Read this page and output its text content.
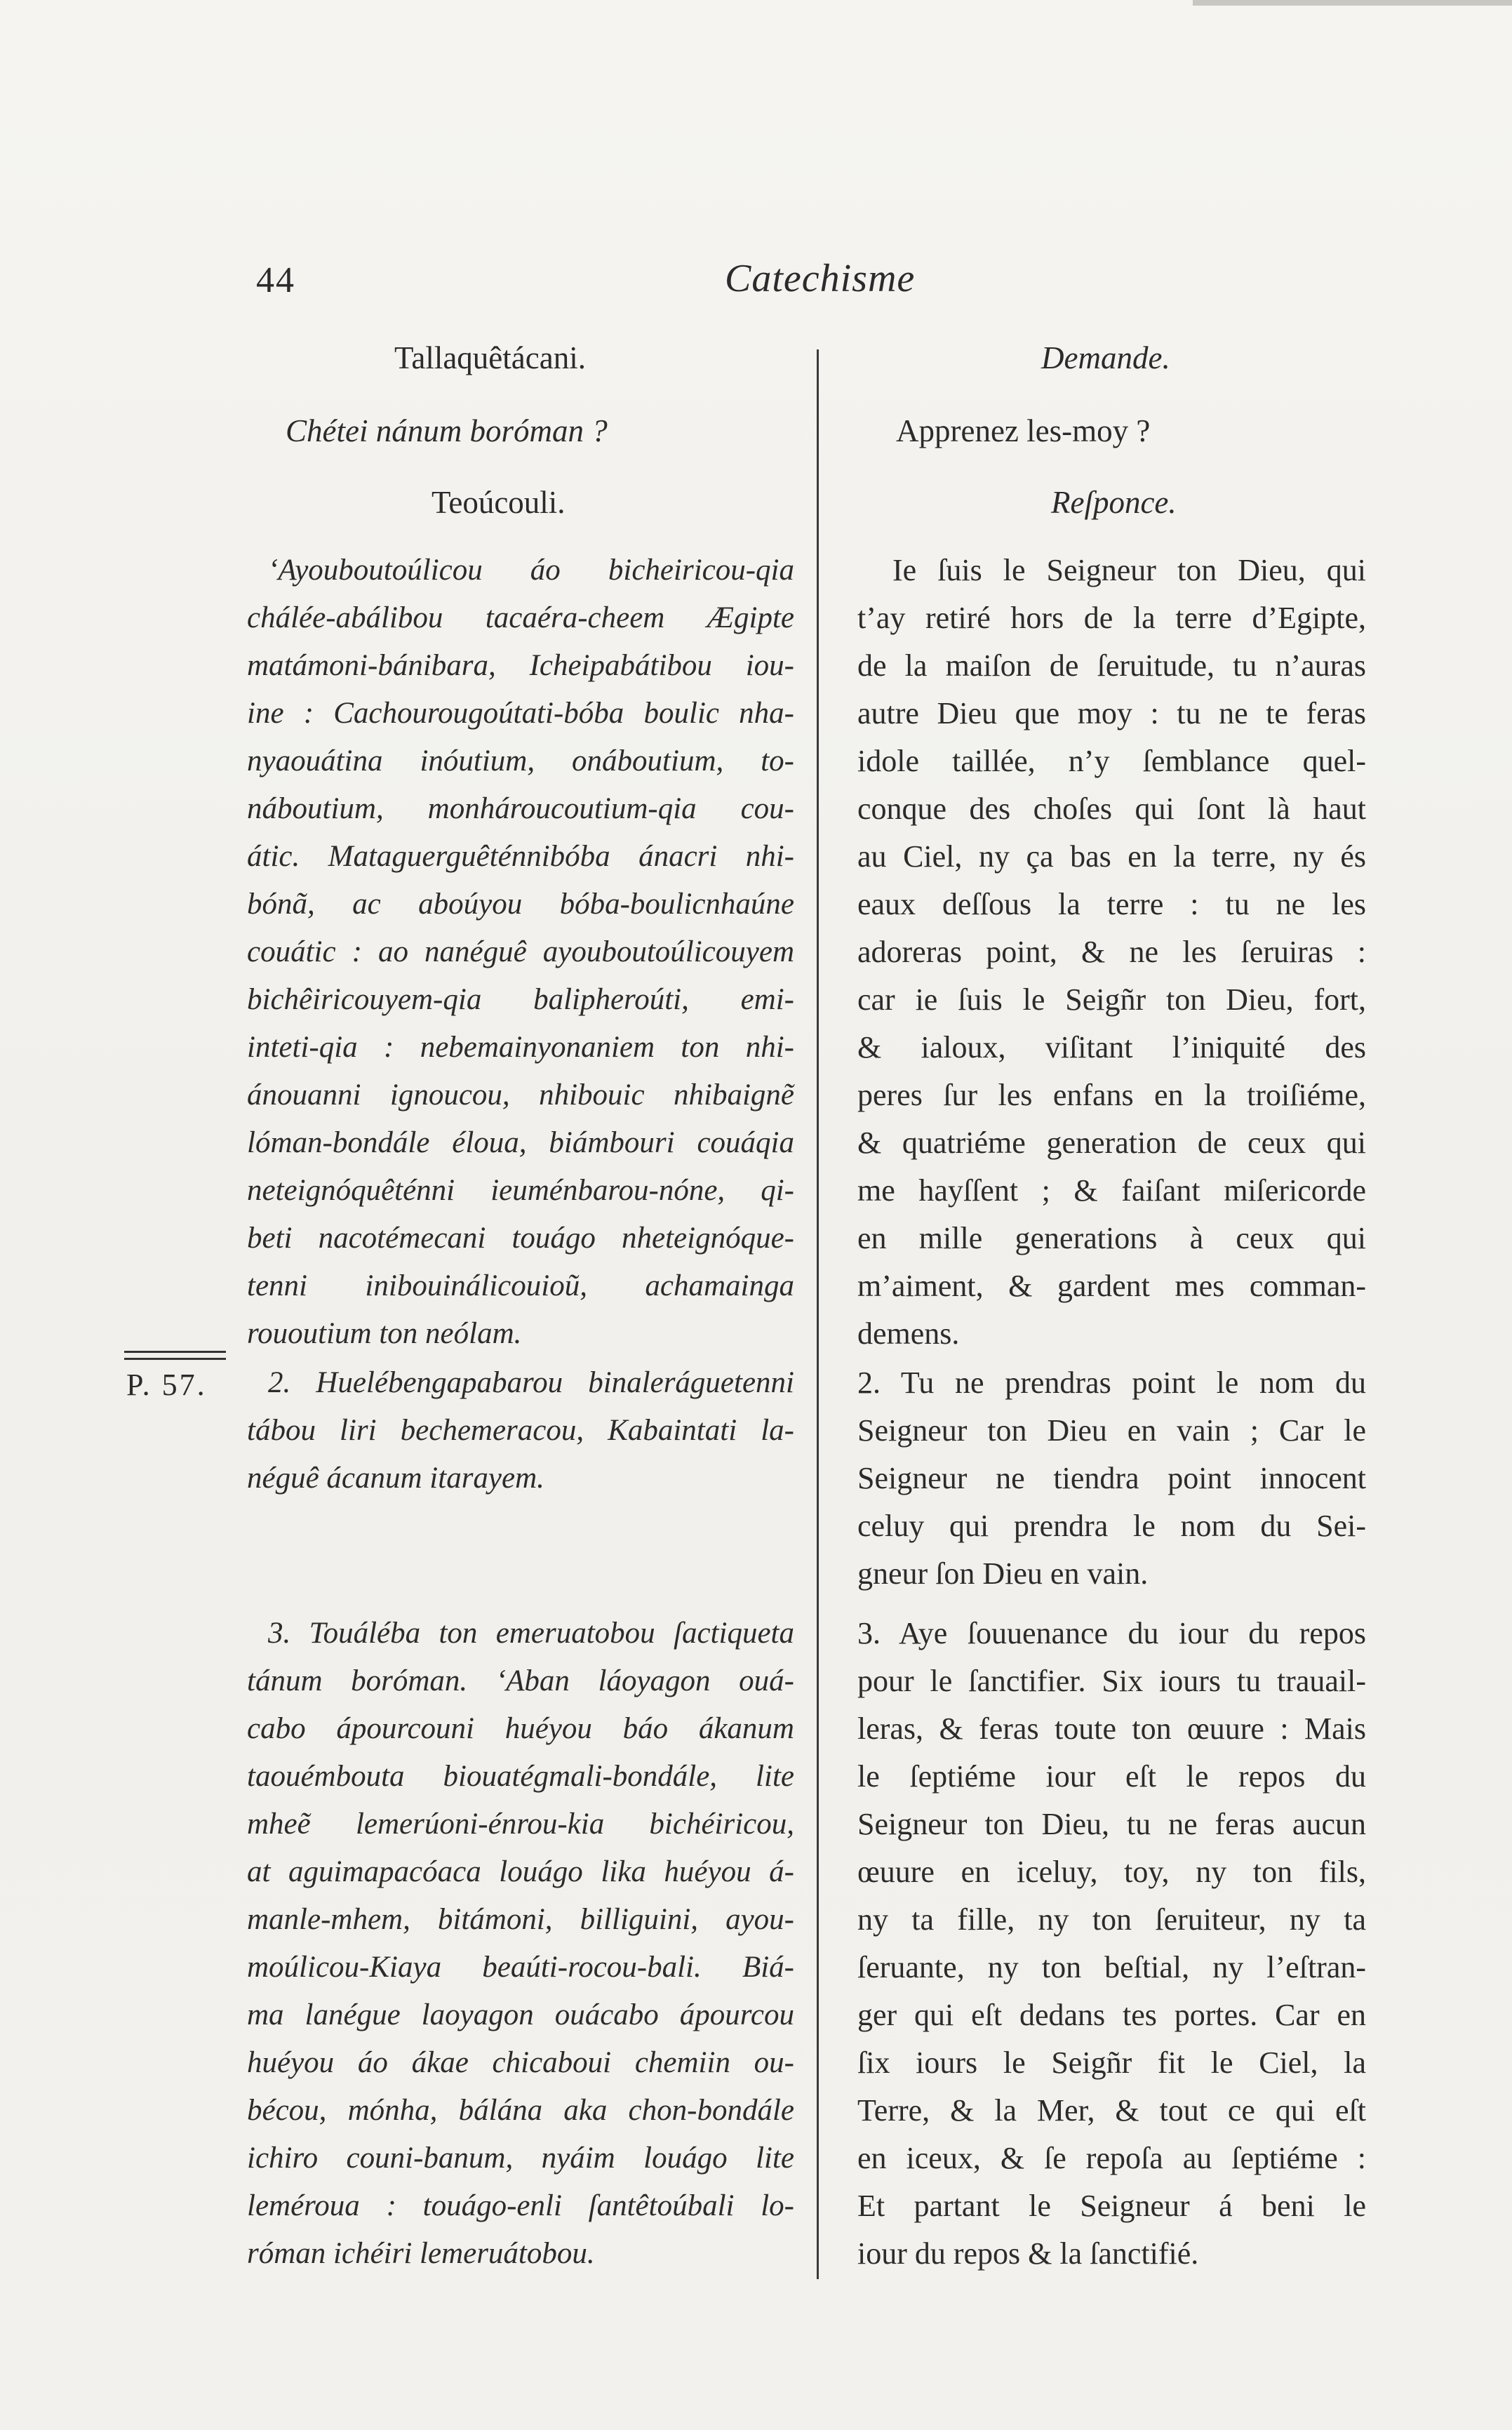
44	Catechisme
P. 57.
Tallaquêtácani.
Chétei nánum boróman ?
Teoúcouli.
‘Ayouboutoúlicou áo bicheiricou-qia
chálée-abálibou tacaéra-cheem Ægipte
matámoni-bánibara, Icheipabátibou iou-
ine : Cachourougoútati-bóba boulic nha-
nyaouátina inóutium, onáboutium, to-
náboutium, monhároucoutium-qia cou-
átic. Mataguerguêténnibóba ánacri nhi-
bónã, ac aboúyou bóba-boulicnhaúne
couátic : ao nanéguê ayouboutoúlicouyem
bichêiricouyem-qia balipheroúti, emi-
inteti-qia : nebemainyonaniem ton nhi-
ánouanni ignoucou, nhibouic nhibaignẽ
lóman-bondále éloua, biámbouri couáqia
neteignóquêténni ieuménbarou-nóne, qi-
beti nacotémecani touágo nheteignóque-
tenni inibouinálicouioũ, achamainga
rououtium ton neólam.
2. Huelébengapabarou binaleráguetenni
tábou liri bechemeracou, Kabaintati la-
néguê ácanum itarayem.
3. Touáléba ton emeruatobou ſactiqueta
tánum boróman. ‘Aban láoyagon ouá-
cabo ápourcouni huéyou báo ákanum
taouémbouta biouatégmali-bondále, lite
mheẽ lemerúoni-énrou-kia bichéiricou,
at aguimapacóaca louágo lika huéyou á-
manle-mhem, bitámoni, billiguini, ayou-
moúlicou-Kiaya beaúti-rocou-bali. Biá-
ma lanégue laoyagon ouácabo ápourcou
huéyou áo ákae chicaboui chemiin ou-
bécou, mónha, bálána aka chon-bondále
ichiro couni-banum, nyáim louágo lite
leméroua : touágo-enli ſantêtoúbali lo-
róman ichéiri lemeruátobou.
Demande.
Apprenez les-moy ?
Reſponce.
Ie ſuis le Seigneur ton Dieu, qui
t’ay retiré hors de la terre d’Egipte,
de la maiſon de ſeruitude, tu n’auras
autre Dieu que moy : tu ne te feras
idole taillée, n’y ſemblance quel-
conque des choſes qui ſont là haut
au Ciel, ny ça bas en la terre, ny és
eaux deſſous la terre : tu ne les
adoreras point, & ne les ſeruiras :
car ie ſuis le Seigñr ton Dieu, fort,
& ialoux, viſitant l’iniquité des
peres ſur les enfans en la troiſiéme,
& quatriéme generation de ceux qui
me hayſſent ; & faiſant miſericorde
en mille generations à ceux qui
m’aiment, & gardent mes comman-
demens.
2. Tu ne prendras point le nom du
Seigneur ton Dieu en vain ; Car le
Seigneur ne tiendra point innocent
celuy qui prendra le nom du Sei-
gneur ſon Dieu en vain.
3. Aye ſouuenance du iour du repos
pour le ſanctifier. Six iours tu trauail-
leras, & feras toute ton œuure : Mais
le ſeptiéme iour eſt le repos du
Seigneur ton Dieu, tu ne feras aucun
œuure en iceluy, toy, ny ton fils,
ny ta fille, ny ton ſeruiteur, ny ta
ſeruante, ny ton beſtial, ny l’eſtran-
ger qui eſt dedans tes portes. Car en
ſix iours le Seigñr fit le Ciel, la
Terre, & la Mer, & tout ce qui eſt
en iceux, & ſe repoſa au ſeptiéme :
Et partant le Seigneur á beni le
iour du repos & la ſanctifié.
